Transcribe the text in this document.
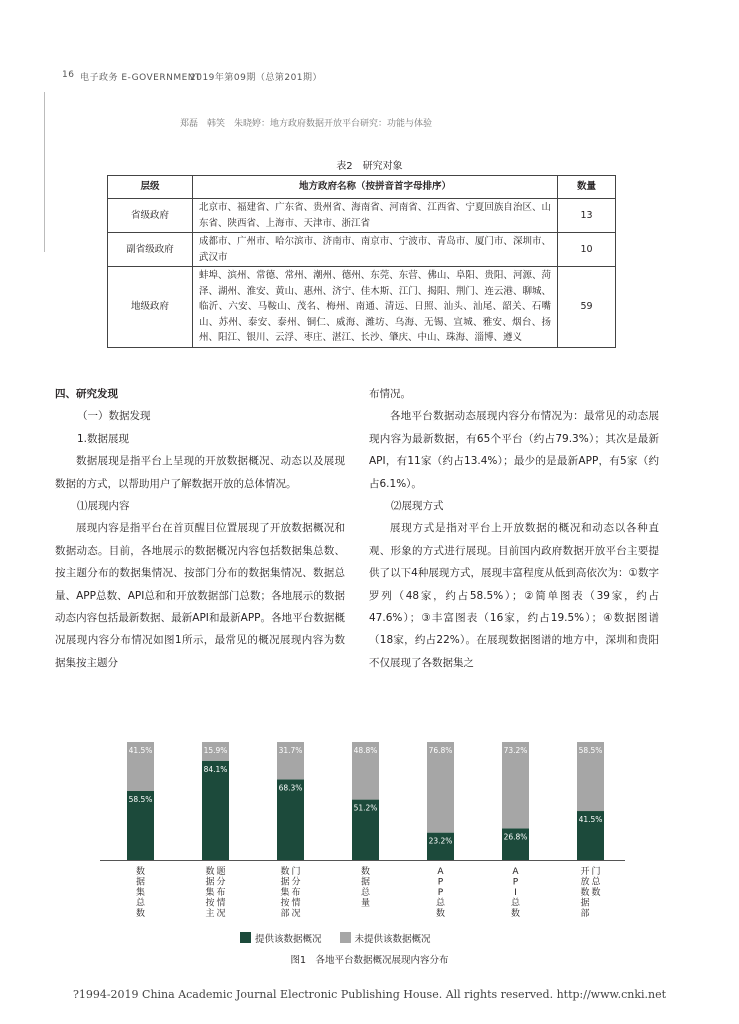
16 电子政务 E-GOVERNMENT
2019年第09期（总第201期）
郑磊　韩笑　朱晓婷：地方政府数据开放平台研究：功能与体验
表2　研究对象
层级	地方政府名称（按拼音首字母排序）	数量
省级政府	北京市、福建省、广东省、贵州省、海南省、河南省、江西省、宁夏回族自治区、山东省、陕西省、上海市、天津市、浙江省	13
副省级政府	成都市、广州市、哈尔滨市、济南市、南京市、宁波市、青岛市、厦门市、深圳市、武汉市	10
地级政府	蚌埠、滨州、常德、常州、潮州、德州、东莞、东营、佛山、阜阳、贵阳、河源、菏泽、湖州、淮安、黄山、惠州、济宁、佳木斯、江门、揭阳、荆门、连云港、聊城、临沂、六安、马鞍山、茂名、梅州、南通、清远、日照、汕头、汕尾、韶关、石嘴山、苏州、泰安、泰州、铜仁、威海、潍坊、乌海、无锡、宣城、雅安、烟台、扬州、阳江、银川、云浮、枣庄、湛江、长沙、肇庆、中山、珠海、淄博、遵义	59

四、研究发现

（一）数据发现

1.数据展现

数据展现是指平台上呈现的开放数据概况、动态以及展现数据的方式，以帮助用户了解数据开放的总体情况。

⑴展现内容

展现内容是指平台在首页醒目位置展现了开放数据概况和数据动态。目前，各地展示的数据概况内容包括数据集总数、按主题分布的数据集情况、按部门分布的数据集情况、数据总量、APP总数、API总和和开放数据部门总数；各地展示的数据动态内容包括最新数据、最新API和最新APP。各地平台数据概况展现内容分布情况如图1所示，最常见的概况展现内容为数据集按主题分

布情况。

各地平台数据动态展现内容分布情况为：最常见的动态展现内容为最新数据，有65个平台（约占79.3%）；其次是最新API，有11家（约占13.4%）；最少的是最新APP，有5家（约占6.1%）。

⑵展现方式

展现方式是指对平台上开放数据的概况和动态以各种直观、形象的方式进行展现。目前国内政府数据开放平台主要提供了以下4种展现方式，展现丰富程度从低到高依次为：①数字罗列（48家，约占58.5%）；②简单图表（39家，约占47.6%）；③丰富图表（16家，约占19.5%）；④数据图谱（18家，约占22%）。在展现数据图谱的地方中，深圳和贵阳不仅展现了各数据集之

58.5%
41.5%
数
据
集
总
数
84.1%
15.9%
数
据
集
按
主
题
分
布
情
况
68.3%
31.7%
数
据
集
按
部
门
分
布
情
况
51.2%
48.8%
数
据
总
量
23.2%
76.8%
A
P
P
总
数
26.8%
73.2%
A
P
I
总
数
41.5%
58.5%
开
放
数
据
部
门
总
数
提供该数据概况	未提供该数据概况
图1　各地平台数据概况展现内容分布
?1994-2019 China Academic Journal Electronic Publishing House. All rights reserved. http://www.cnki.net
